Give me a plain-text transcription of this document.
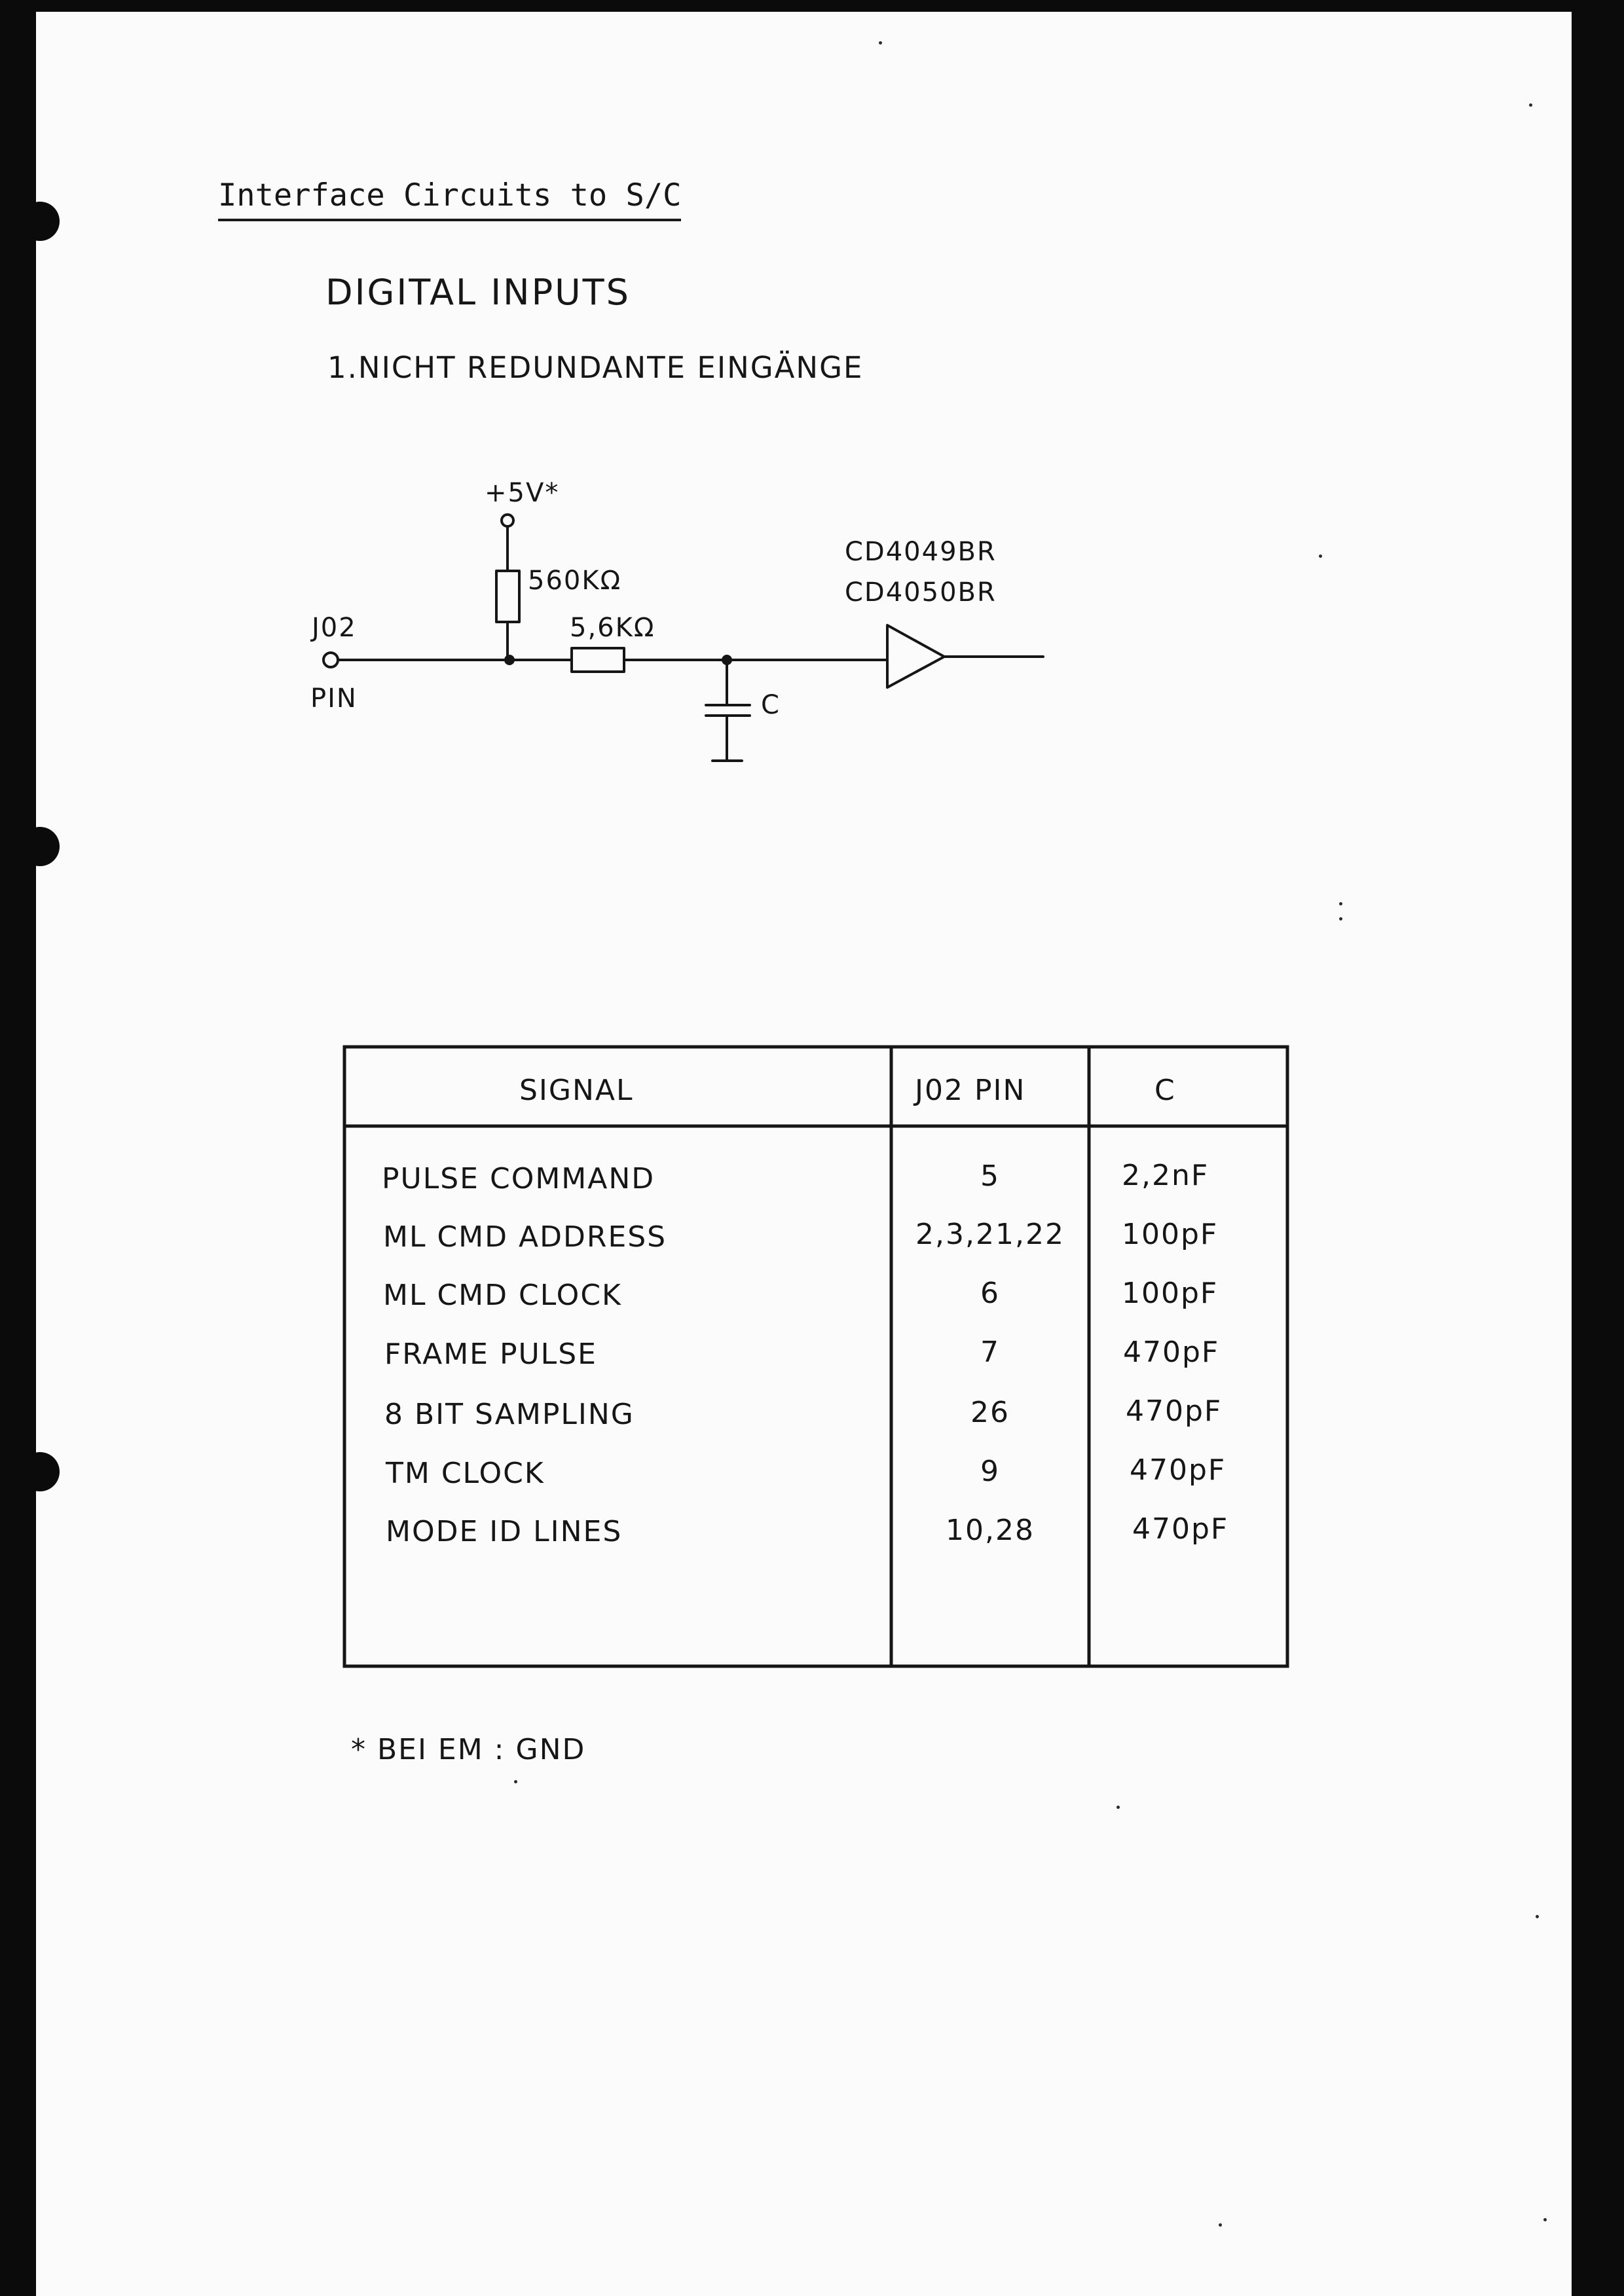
Interface Circuits to S/C
DIGITAL INPUTS
1.NICHT REDUNDANTE EINGÄNGE
+5V*
560KΩ
5,6KΩ
J02
PIN	C
CD4049BR
CD4050BR
SIGNAL	J02 PIN	C
PULSE COMMAND	5	2,2nF
ML CMD ADDRESS	2,3,21,22	100pF
ML CMD CLOCK	6	100pF
FRAME PULSE	7	470pF
8 BIT SAMPLING	26	470pF
TM CLOCK	9	470pF
MODE ID LINES	10,28	470pF
* BEI EM : GND
